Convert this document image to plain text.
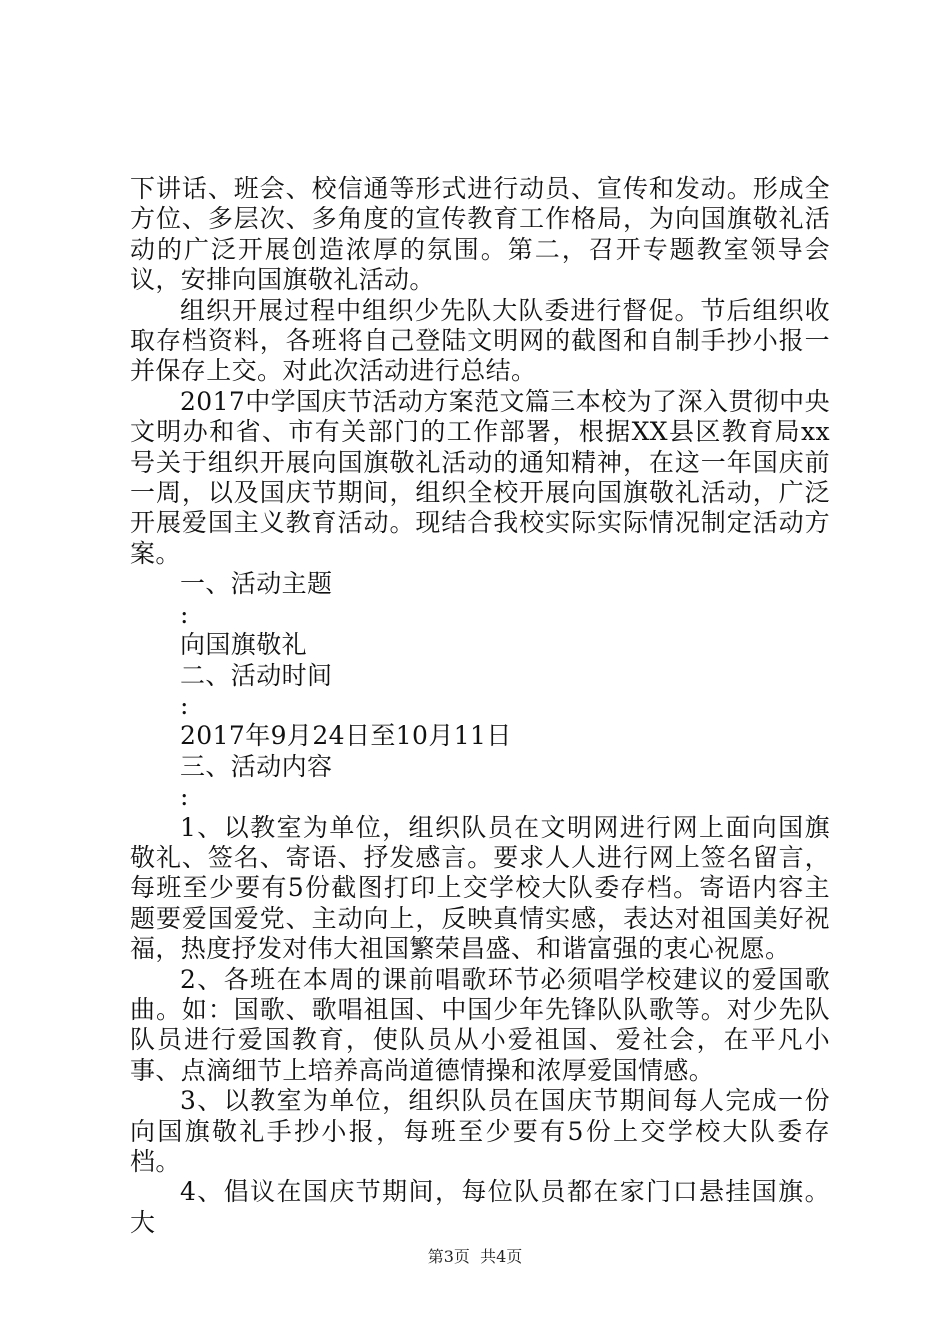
下讲话、班会、校信通等形式进行动员、宣传和发动。形成全方位、多层次、多角度的宣传教育工作格局，为向国旗敬礼活动的广泛开展创造浓厚的氛围。第二，召开专题教室领导会议，安排向国旗敬礼活动。

组织开展过程中组织少先队大队委进行督促。节后组织收取存档资料，各班将自己登陆文明网的截图和自制手抄小报一并保存上交。对此次活动进行总结。

2017中学国庆节活动方案范文篇三本校为了深入贯彻中央文明办和省、市有关部门的工作部署，根据XX县区教育局xx号关于组织开展向国旗敬礼活动的通知精神，在这一年国庆前一周，以及国庆节期间，组织全校开展向国旗敬礼活动，广泛开展爱国主义教育活动。现结合我校实际实际情况制定活动方案。

一、活动主题

:

向国旗敬礼

二、活动时间

:

2017年9月24日至10月11日

三、活动内容

:

1、以教室为单位，组织队员在文明网进行网上面向国旗敬礼、签名、寄语、抒发感言。要求人人进行网上签名留言，每班至少要有5份截图打印上交学校大队委存档。寄语内容主题要爱国爱党、主动向上，反映真情实感，表达对祖国美好祝福，热度抒发对伟大祖国繁荣昌盛、和谐富强的衷心祝愿。

2、各班在本周的课前唱歌环节必须唱学校建议的爱国歌曲。如：国歌、歌唱祖国、中国少年先锋队队歌等。对少先队队员进行爱国教育，使队员从小爱祖国、爱社会，在平凡小事、点滴细节上培养高尚道德情操和浓厚爱国情感。

3、以教室为单位，组织队员在国庆节期间每人完成一份向国旗敬礼手抄小报，每班至少要有5份上交学校大队委存档。

4、倡议在国庆节期间，每位队员都在家门口悬挂国旗。大

第3页 共4页
